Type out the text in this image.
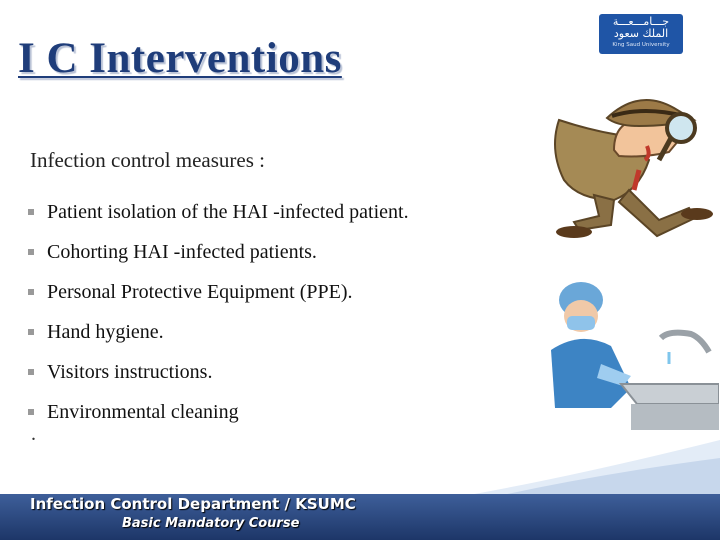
I C Interventions
جـــامـــعـــة
الملك سعود
King Saud University
Infection control measures :
Patient isolation of the HAI -infected patient.
Cohorting HAI -infected patients.
Personal Protective Equipment (PPE).
Hand hygiene.
Visitors instructions.
Environmental cleaning
.
Infection Control Department / KSUMC
Basic Mandatory Course
